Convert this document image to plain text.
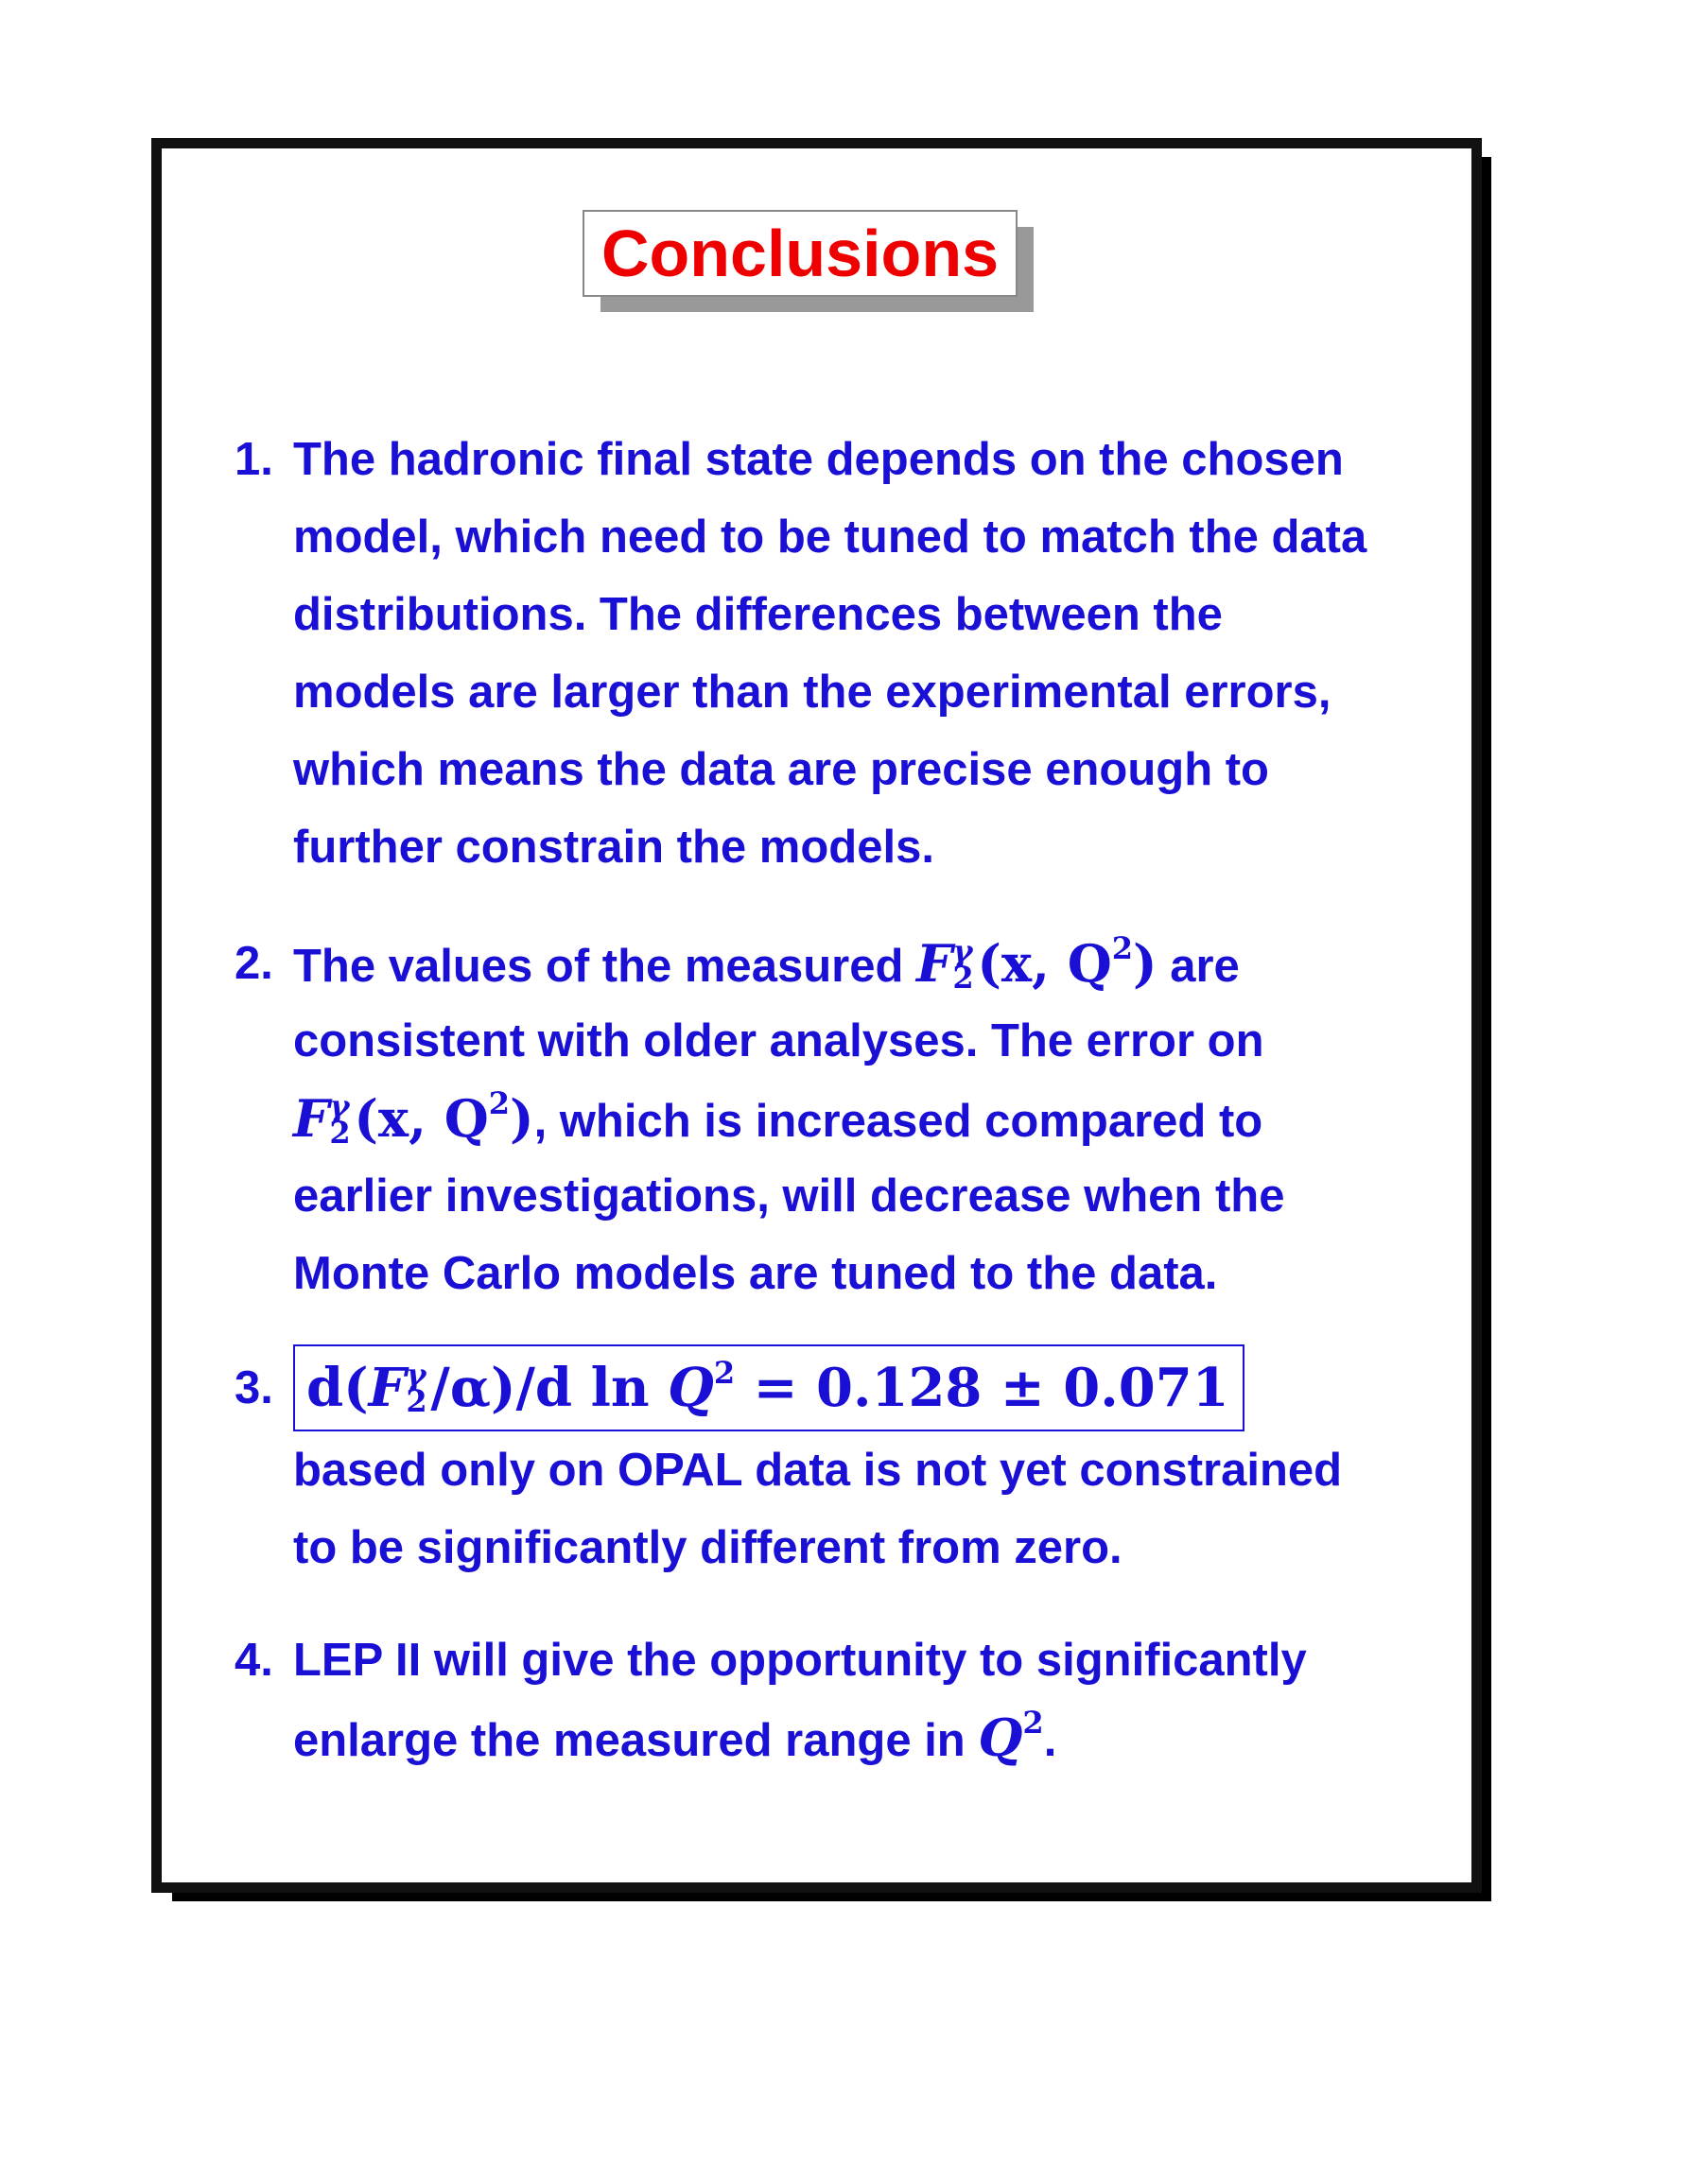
Conclusions
1. The hadronic final state depends on the chosen
model, which need to be tuned to match the data
distributions. The differences between the
models are larger than the experimental errors,
which means the data are precise enough to
further constrain the models.
2. The values of the measured F γ
2 (x, $Q^2$) are
consistent with older analyses. The error on
F γ
2 (x, $Q^2$), which is increased compared to
earlier investigations, will decrease when the
Monte Carlo models are tuned to the data.
3. d(F γ
2 /α)/d $\ln Q^2 = 0.128 \pm 0.071$
based only on OPAL data is not yet constrained
to be significantly different from zero.
4. LEP II will give the opportunity to significantly
enlarge the measured range in $Q^2$.
